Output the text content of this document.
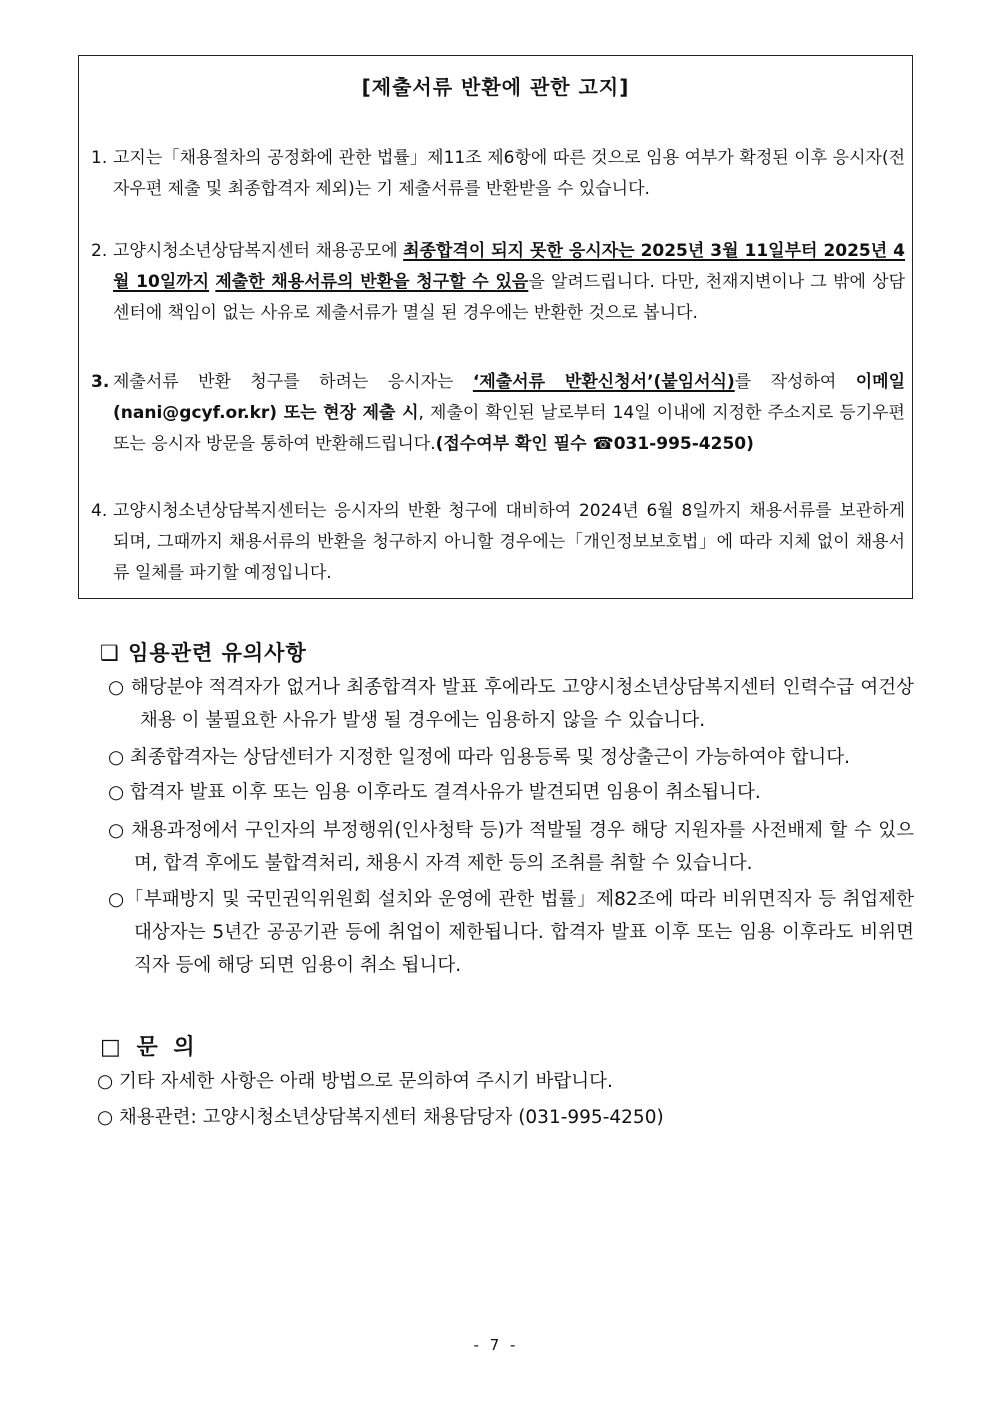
[제출서류 반환에 관한 고지]
1. 고지는「채용절차의 공정화에 관한 법률」제11조 제6항에 따른 것으로 임용 여부가 확정된 이후 응시자(전자우편 제출 및 최종합격자 제외)는 기 제출서류를 반환받을 수 있습니다.
2. 고양시청소년상담복지센터 채용공모에 최종합격이 되지 못한 응시자는 2025년 3월 11일부터 2025년 4월 10일까지 제출한 채용서류의 반환을 청구할 수 있음을 알려드립니다. 다만, 천재지변이나 그 밖에 상담센터에 책임이 없는 사유로 제출서류가 멸실 된 경우에는 반환한 것으로 봅니다.
3. 제출서류 반환 청구를 하려는 응시자는 ‘제출서류 반환신청서’(붙임서식)를 작성하여 이메일(nani@gcyf.or.kr) 또는 현장 제출 시, 제출이 확인된 날로부터 14일 이내에 지정한 주소지로 등기우편 또는 응시자 방문을 통하여 반환해드립니다.(접수여부 확인 필수 ☎031-995-4250)
4. 고양시청소년상담복지센터는 응시자의 반환 청구에 대비하여 2024년 6월 8일까지 채용서류를 보관하게 되며, 그때까지 채용서류의 반환을 청구하지 아니할 경우에는「개인정보보호법」에 따라 지체 없이 채용서류 일체를 파기할 예정입니다.
❑ 임용관련 유의사항
○ 해당분야 적격자가 없거나 최종합격자 발표 후에라도 고양시청소년상담복지센터 인력수급 여건상 채용 이 불필요한 사유가 발생 될 경우에는 임용하지 않을 수 있습니다.
○ 최종합격자는 상담센터가 지정한 일정에 따라 임용등록 및 정상출근이 가능하여야 합니다.
○ 합격자 발표 이후 또는 임용 이후라도 결격사유가 발견되면 임용이 취소됩니다.
○ 채용과정에서 구인자의 부정행위(인사청탁 등)가 적발될 경우 해당 지원자를 사전배제 할 수 있으며, 합격 후에도 불합격처리, 채용시 자격 제한 등의 조취를 취할 수 있습니다.
○「부패방지 및 국민권익위원회 설치와 운영에 관한 법률」제82조에 따라 비위면직자 등 취업제한 대상자는 5년간 공공기관 등에 취업이 제한됩니다. 합격자 발표 이후 또는 임용 이후라도 비위면직자 등에 해당 되면 임용이 취소 됩니다.
□ 문 의
○ 기타 자세한 사항은 아래 방법으로 문의하여 주시기 바랍니다.
○ 채용관련: 고양시청소년상담복지센터 채용담당자 (031-995-4250)
- 7 -
